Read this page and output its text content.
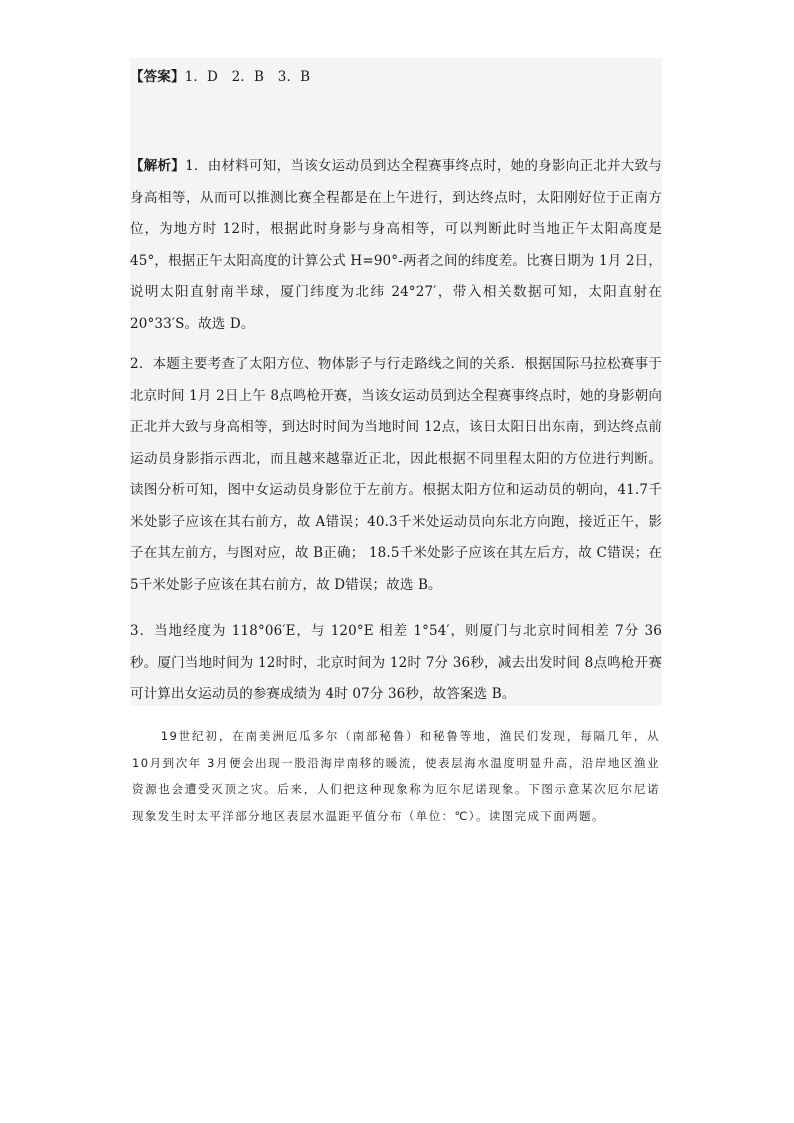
【答案】1．D　2．B　3．B
【解析】1．由材料可知，当该女运动员到达全程赛事终点时，她的身影向正北并大致与身高相等，从而可以推测比赛全程都是在上午进行，到达终点时，太阳刚好位于正南方位，为地方时 12时，根据此时身影与身高相等，可以判断此时当地正午太阳高度是 45°，根据正午太阳高度的计算公式 H=90°-两者之间的纬度差。比赛日期为 1月 2日，说明太阳直射南半球，厦门纬度为北纬 24°27′，带入相关数据可知，太阳直射在 20°33′S。故选 D。
2．本题主要考查了太阳方位、物体影子与行走路线之间的关系．根据国际马拉松赛事于北京时间 1月 2日上午 8点鸣枪开赛，当该女运动员到达全程赛事终点时，她的身影朝向正北并大致与身高相等，到达时时间为当地时间 12点，该日太阳日出东南，到达终点前运动员身影指示西北，而且越来越靠近正北，因此根据不同里程太阳的方位进行判断。读图分析可知，图中女运动员身影位于左前方。根据太阳方位和运动员的朝向，41.7千米处影子应该在其右前方，故 A错误；40.3千米处运动员向东北方向跑，接近正午，影子在其左前方，与图对应，故 B正确； 18.5千米处影子应该在其左后方，故 C错误；在 5千米处影子应该在其右前方，故 D错误；故选 B。
3．当地经度为 118°06′E，与 120°E 相差 1°54′，则厦门与北京时间相差 7分 36秒。厦门当地时间为 12时时，北京时间为 12时 7分 36秒，减去出发时间 8点鸣枪开赛可计算出女运动员的参赛成绩为 4时 07分 36秒，故答案选 B。
19世纪初，在南美洲厄瓜多尔（南部秘鲁）和秘鲁等地，渔民们发现，每隔几年，从 10月到次年 3月便会出现一股沿海岸南移的暖流，使表层海水温度明显升高，沿岸地区渔业资源也会遭受灭顶之灾。后来，人们把这种现象称为厄尔尼诺现象。下图示意某次厄尔尼诺现象发生时太平洋部分地区表层水温距平值分布（单位：℃）。读图完成下面两题。
